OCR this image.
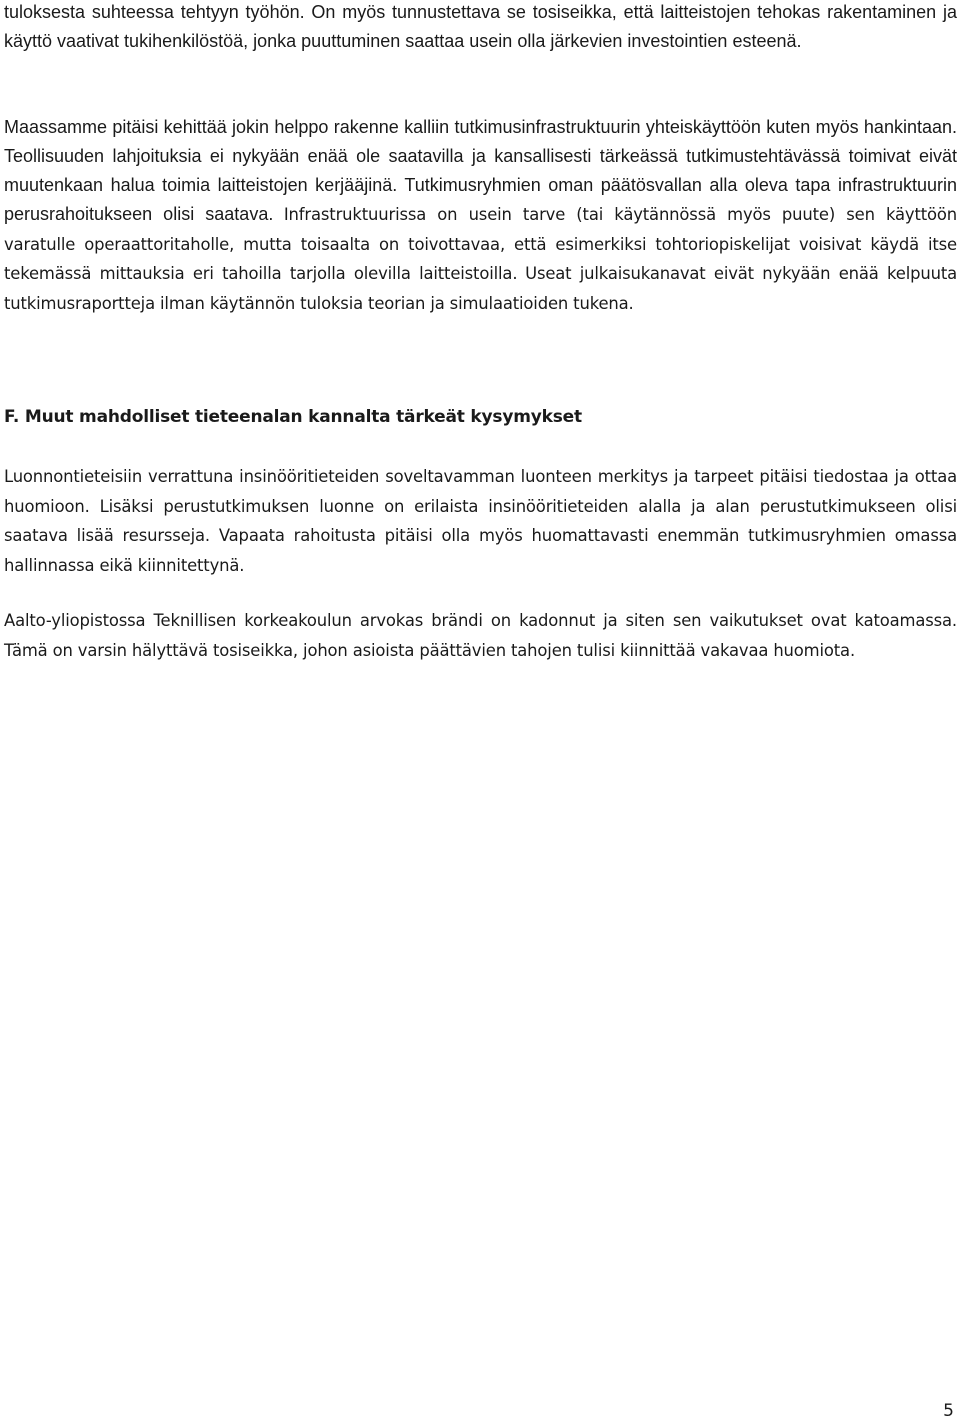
tuloksesta suhteessa tehtyyn työhön. On myös tunnustettava se tosiseikka, että laitteistojen tehokas rakentaminen ja käyttö vaativat tukihenkilöstöä, jonka puuttuminen saattaa usein olla järkevien investointien esteenä.

Maassamme pitäisi kehittää jokin helppo rakenne kalliin tutkimusinfrastruktuurin yhteiskäyttöön kuten myös hankintaan. Teollisuuden lahjoituksia ei nykyään enää ole saatavilla ja kansallisesti tärkeässä tutkimustehtävässä toimivat eivät muutenkaan halua toimia laitteistojen kerjääjinä. Tutkimusryhmien oman päätösvallan alla oleva tapa infrastruktuurin perusrahoitukseen olisi saatava. Infrastruktuurissa on usein tarve (tai käytännössä myös puute) sen käyttöön varatulle operaattoritaholle, mutta toisaalta on toivottavaa, että esimerkiksi tohtoriopiskelijat voisivat käydä itse tekemässä mittauksia eri tahoilla tarjolla olevilla laitteistoilla. Useat julkaisukanavat eivät nykyään enää kelpuuta tutkimusraportteja ilman käytännön tuloksia teorian ja simulaatioiden tukena.

F. Muut mahdolliset tieteenalan kannalta tärkeät kysymykset

Luonnontieteisiin verrattuna insinööritieteiden soveltavamman luonteen merkitys ja tarpeet pitäisi tiedostaa ja ottaa huomioon. Lisäksi perustutkimuksen luonne on erilaista insinööritieteiden alalla ja alan perustutkimukseen olisi saatava lisää resursseja. Vapaata rahoitusta pitäisi olla myös huomattavasti enemmän tutkimusryhmien omassa hallinnassa eikä kiinnitettynä.

Aalto-yliopistossa Teknillisen korkeakoulun arvokas brändi on kadonnut ja siten sen vaikutukset ovat katoamassa. Tämä on varsin hälyttävä tosiseikka, johon asioista päättävien tahojen tulisi kiinnittää vakavaa huomiota.

5
